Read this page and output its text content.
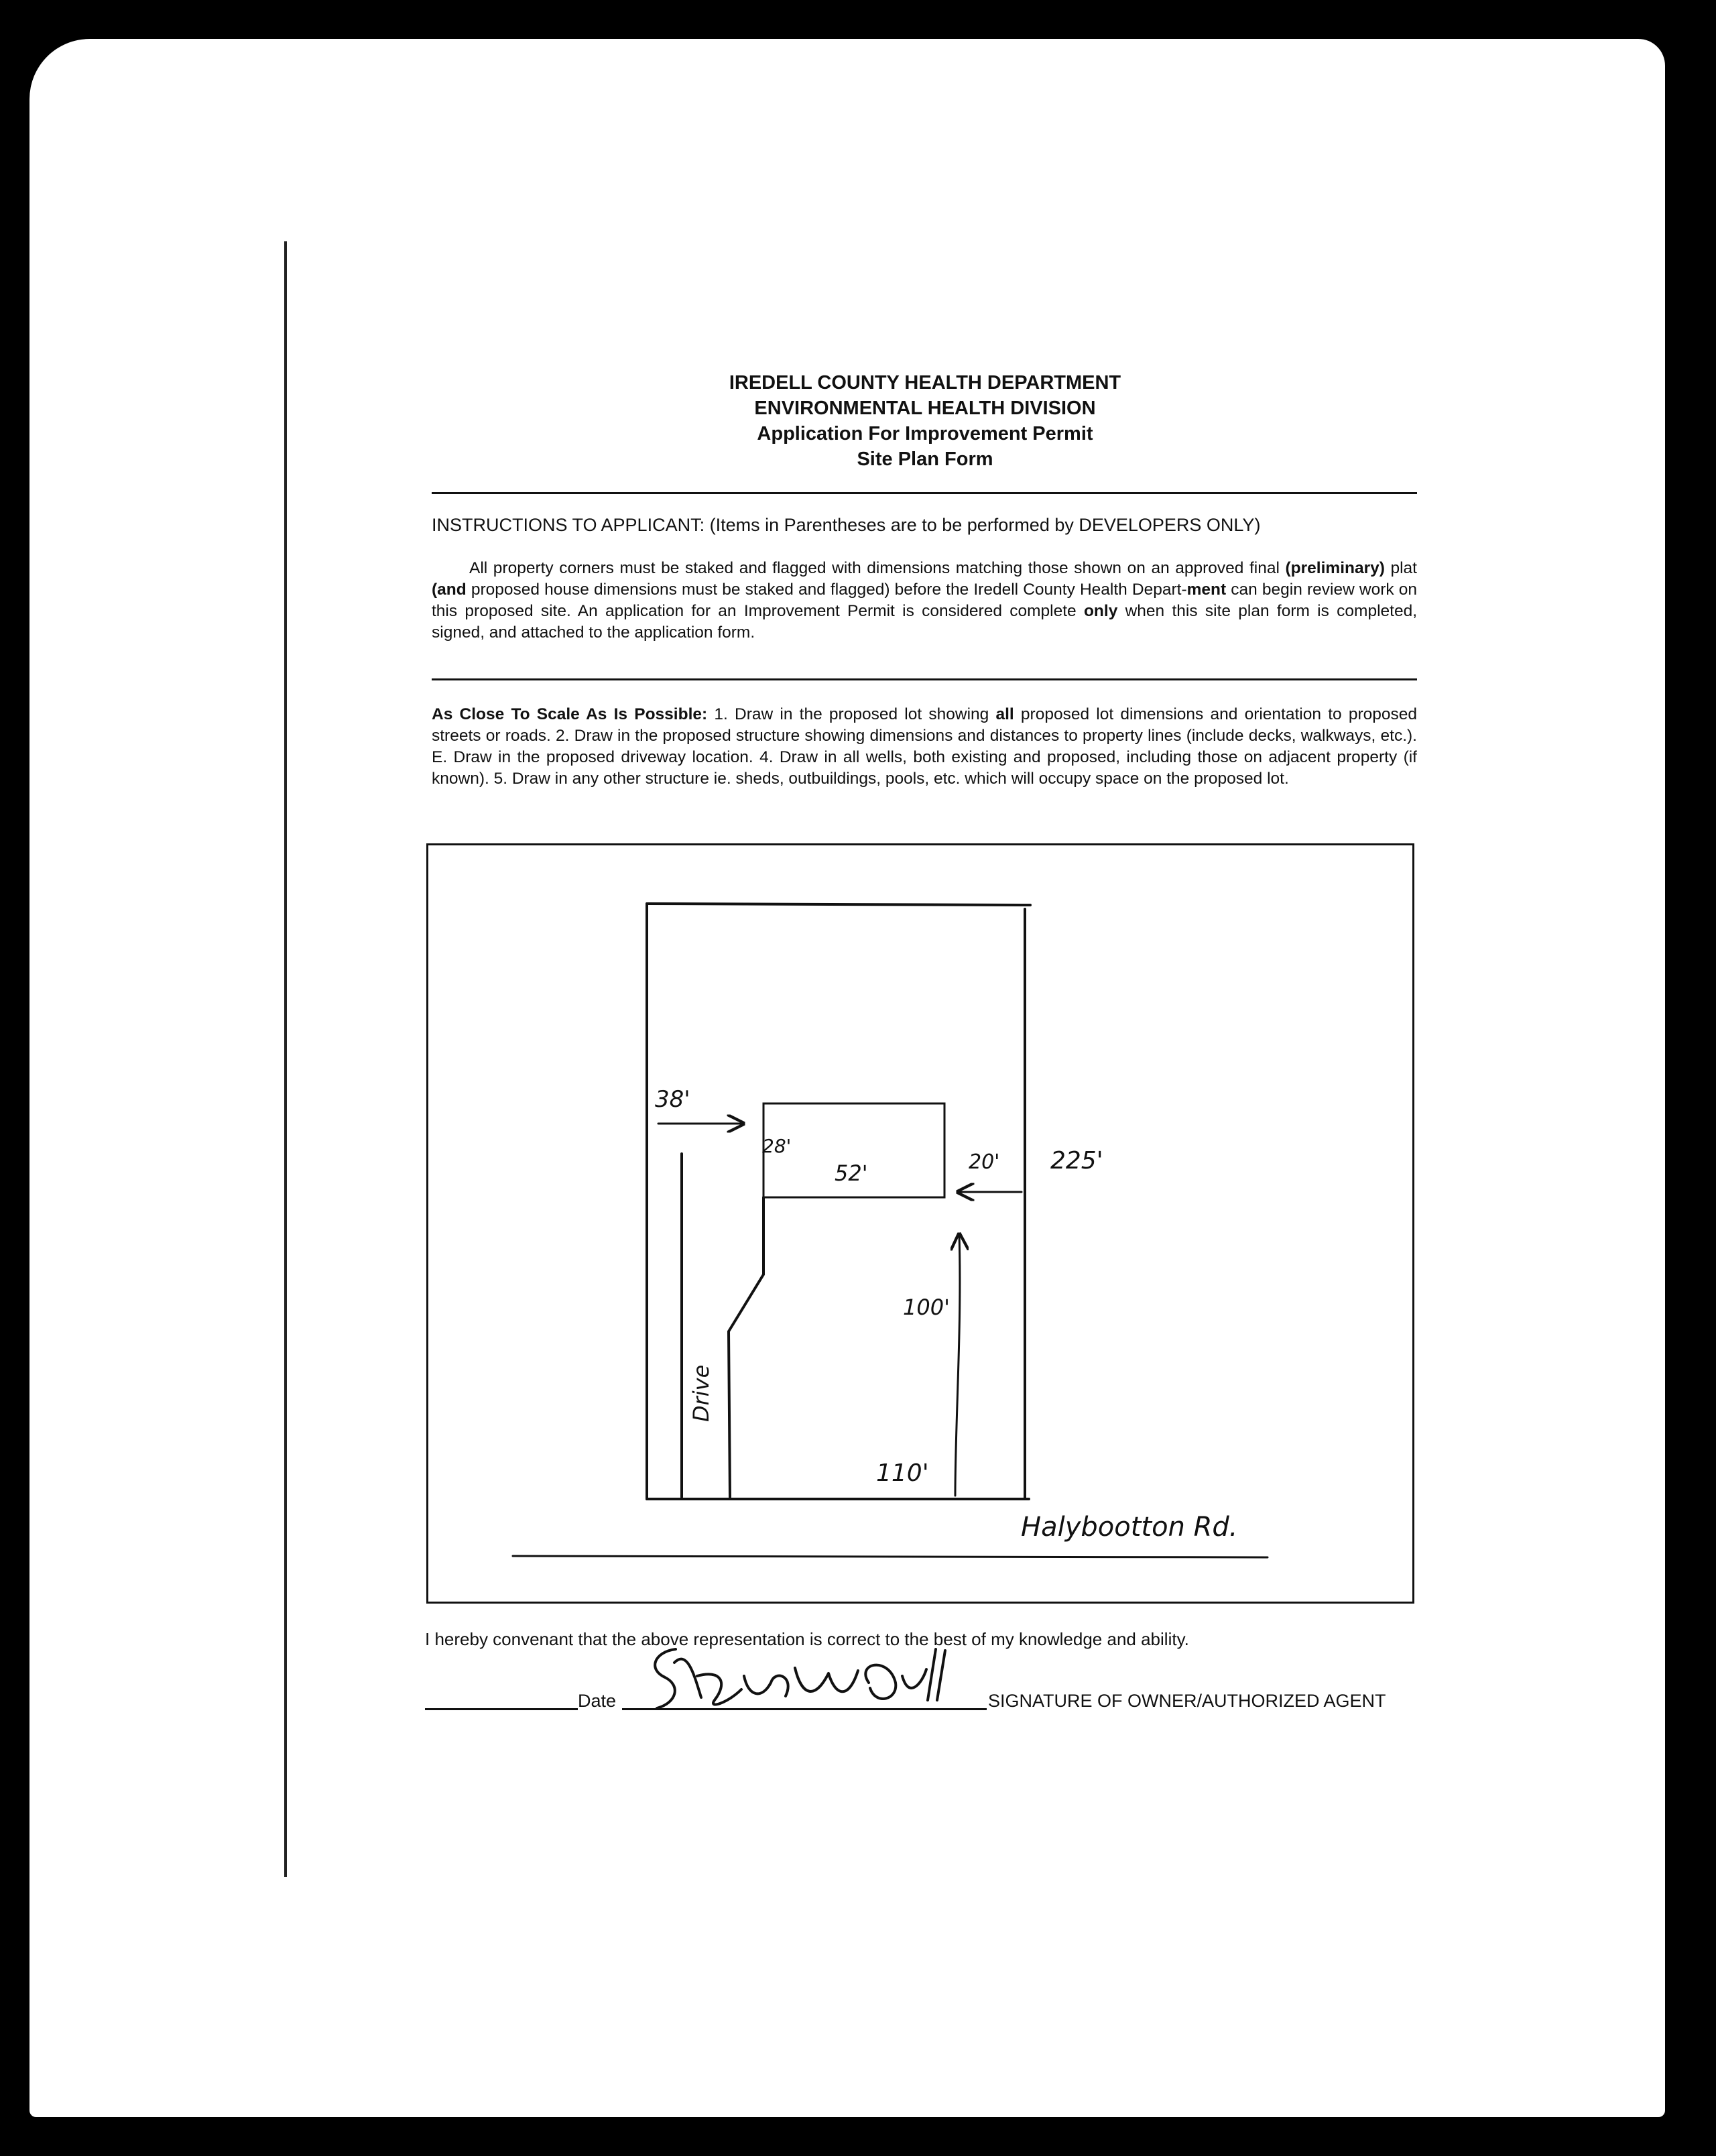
IREDELL COUNTY HEALTH DEPARTMENT
ENVIRONMENTAL HEALTH DIVISION
Application For Improvement Permit
Site Plan Form
INSTRUCTIONS TO APPLICANT: (Items in Parentheses are to be performed by DEVELOPERS ONLY)
All property corners must be staked and flagged with dimensions matching those shown on an approved final (preliminary) plat (and proposed house dimensions must be staked and flagged) before the Iredell County Health Depart-ment can begin review work on this proposed site. An application for an Improvement Permit is considered complete only when this site plan form is completed, signed, and attached to the application form.
As Close To Scale As Is Possible: 1. Draw in the proposed lot showing all proposed lot dimensions and orientation to proposed streets or roads. 2. Draw in the proposed structure showing dimensions and distances to property lines (include decks, walkways, etc.). E. Draw in the proposed driveway location. 4. Draw in all wells, both existing and proposed, including those on adjacent property (if known). 5. Draw in any other structure ie. sheds, outbuildings, pools, etc. which will occupy space on the proposed lot.
38'
28'
52'	20' 225'
100'
110'
Drive
Halybootton Rd.
I hereby convenant that the above representation is correct to the best of my knowledge and ability.
Date	SIGNATURE OF OWNER/AUTHORIZED AGENT
